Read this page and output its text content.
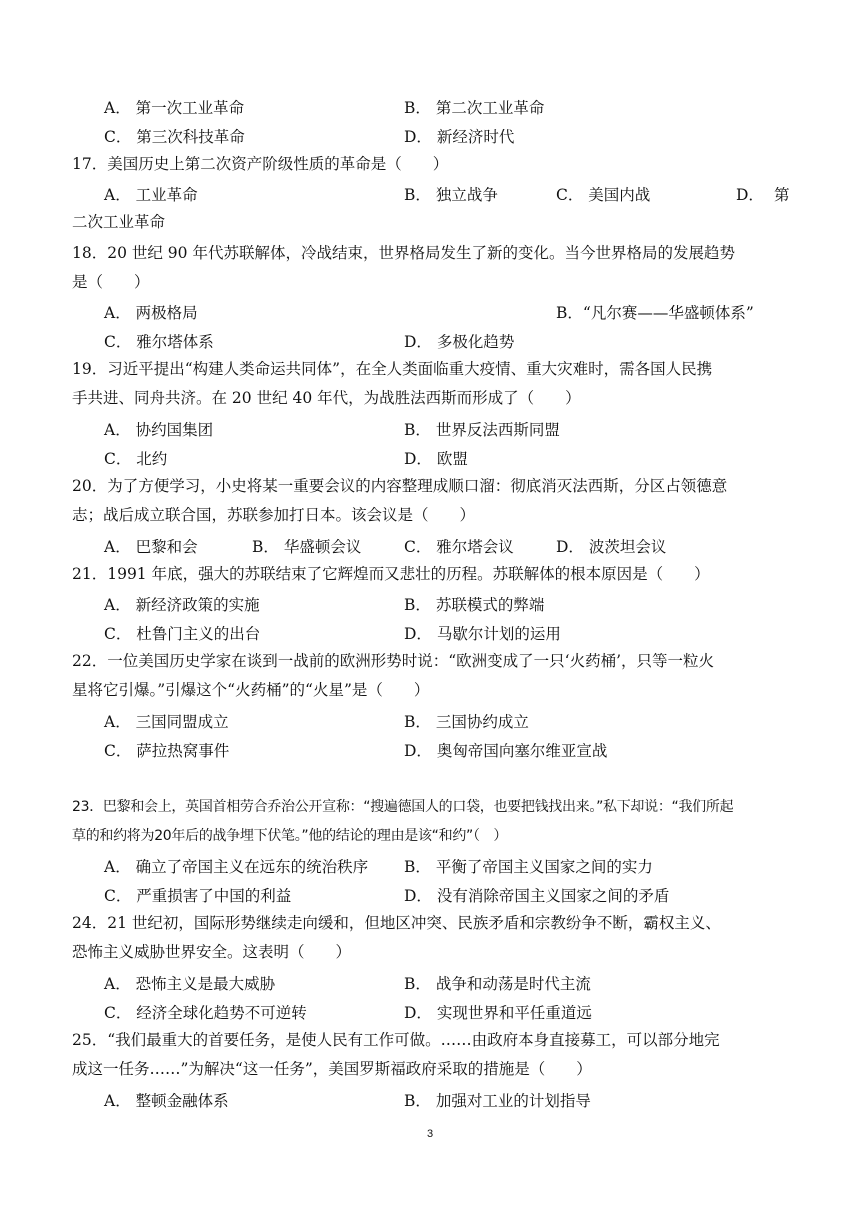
A． 第一次工业革命	B． 第二次工业革命
C． 第三次科技革命	D． 新经济时代
17．美国历史上第二次资产阶级性质的革命是（　　）
A． 工业革命	B． 独立战争	C． 美国内战	D． 第
二次工业革命
18．20 世纪 90 年代苏联解体，冷战结束，世界格局发生了新的变化。当今世界格局的发展趋势
是（　　）
A． 两极格局	B．“凡尔赛——华盛顿体系”
C． 雅尔塔体系	D． 多极化趋势
19．习近平提出“构建人类命运共同体”，在全人类面临重大疫情、重大灾难时，需各国人民携
手共进、同舟共济。在 20 世纪 40 年代，为战胜法西斯而形成了（　　）
A． 协约国集团	B． 世界反法西斯同盟
C． 北约	D． 欧盟
20．为了方便学习，小史将某一重要会议的内容整理成顺口溜：彻底消灭法西斯，分区占领德意
志；战后成立联合国，苏联参加打日本。该会议是（　　）
A． 巴黎和会	B． 华盛顿会议	C． 雅尔塔会议	D． 波茨坦会议
21．1991 年底，强大的苏联结束了它辉煌而又悲壮的历程。苏联解体的根本原因是（　　）
A． 新经济政策的实施	B． 苏联模式的弊端
C． 杜鲁门主义的出台	D． 马歇尔计划的运用
22．一位美国历史学家在谈到一战前的欧洲形势时说：“欧洲变成了一只‘火药桶’，只等一粒火
星将它引爆。”引爆这个“火药桶”的“火星”是（　　）
A． 三国同盟成立	B． 三国协约成立
C． 萨拉热窝事件	D． 奥匈帝国向塞尔维亚宣战
23．巴黎和会上，英国首相劳合乔治公开宣称：“搜遍德国人的口袋，也要把钱找出来。”私下却说：“我们所起
草的和约将为20年后的战争埋下伏笔。”他的结论的理由是该“和约”（　）
A． 确立了帝国主义在远东的统治秩序 B． 平衡了帝国主义国家之间的实力
C． 严重损害了中国的利益	D． 没有消除帝国主义国家之间的矛盾
24．21 世纪初，国际形势继续走向缓和，但地区冲突、民族矛盾和宗教纷争不断，霸权主义、
恐怖主义威胁世界安全。这表明（　　）
A． 恐怖主义是最大威胁	B． 战争和动荡是时代主流
C． 经济全球化趋势不可逆转	D． 实现世界和平任重道远
25．“我们最重大的首要任务，是使人民有工作可做。……由政府本身直接募工，可以部分地完
成这一任务……”为解决“这一任务”，美国罗斯福政府采取的措施是（　　）
A． 整顿金融体系	B． 加强对工业的计划指导
3
